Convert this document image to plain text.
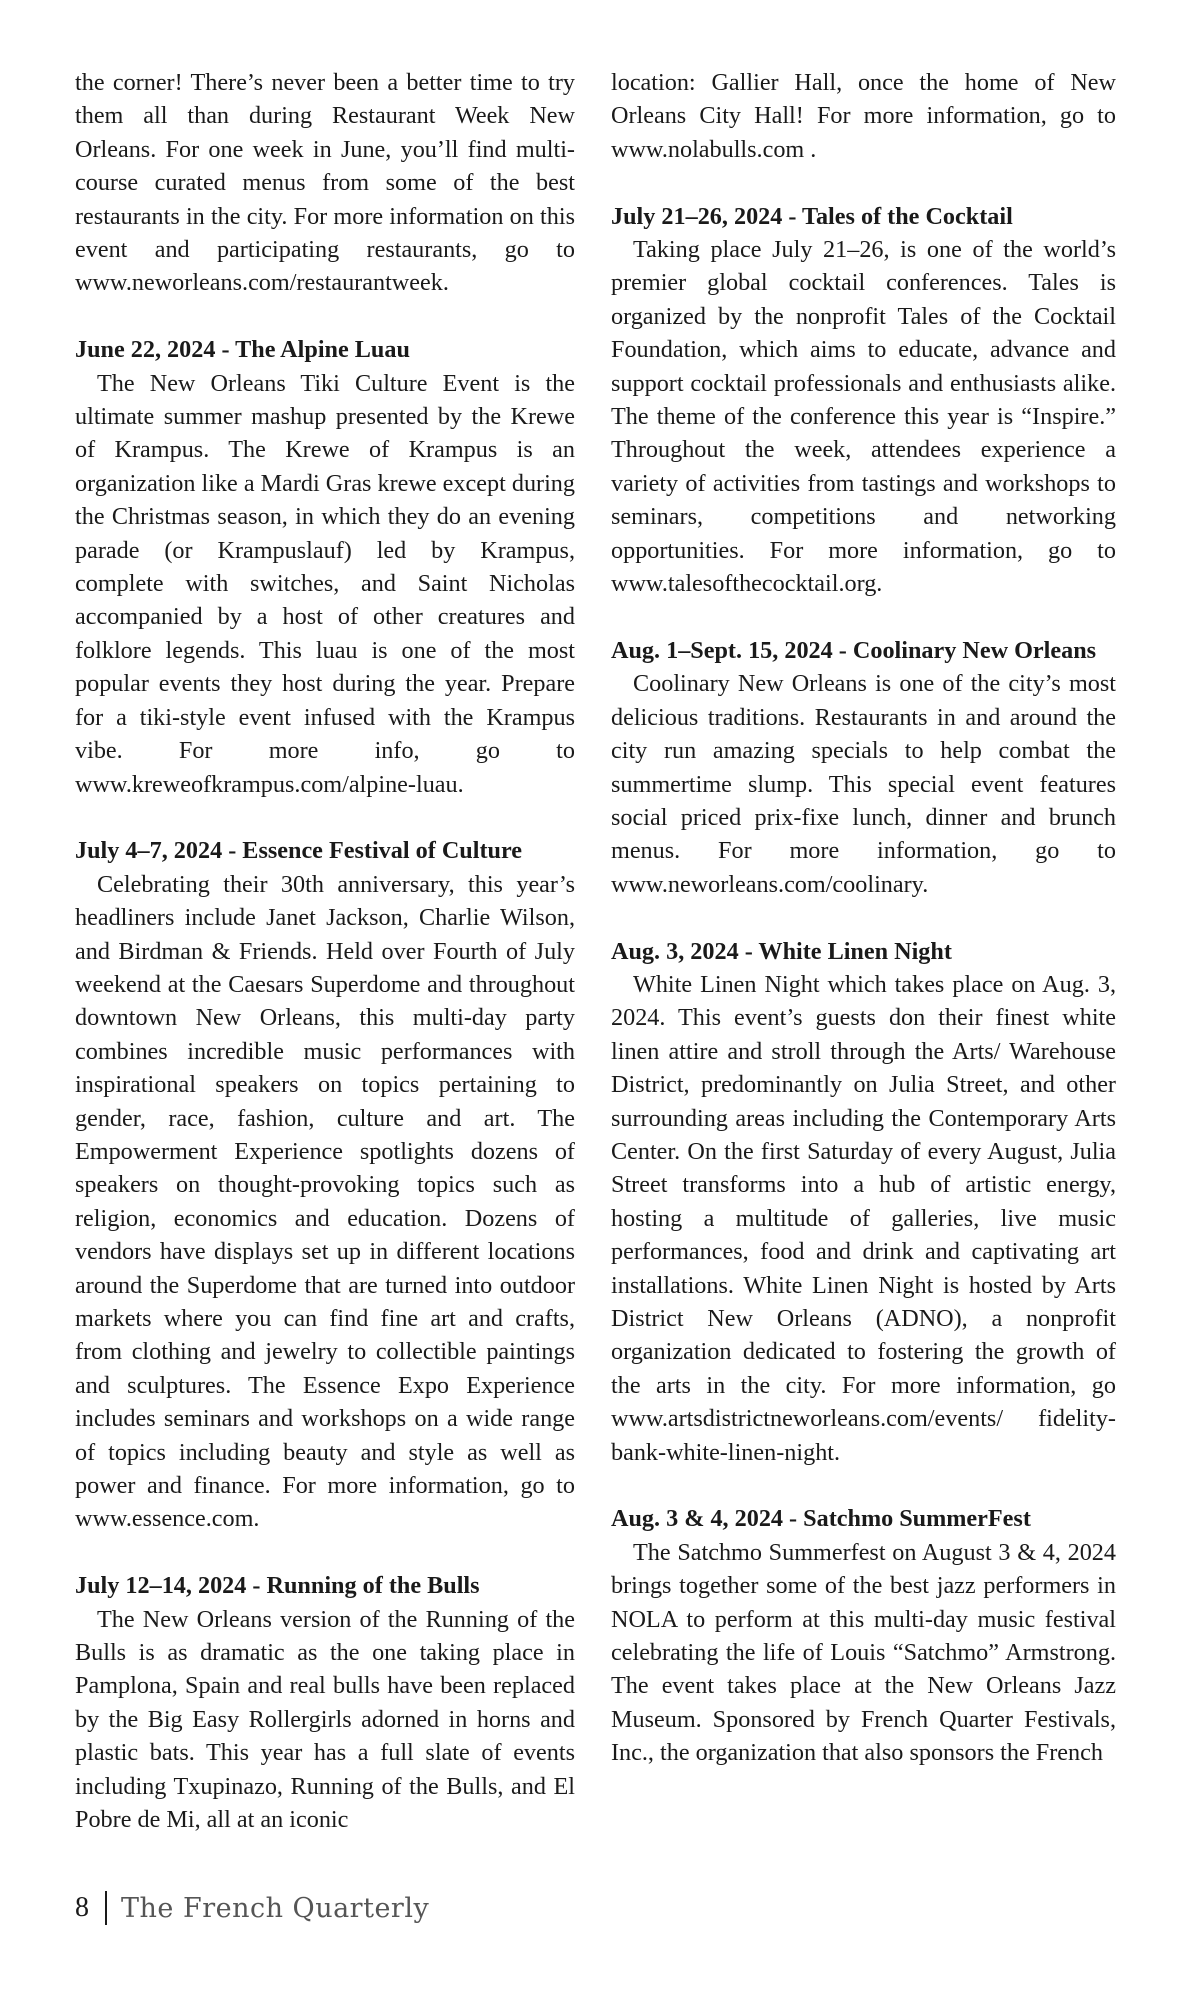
the corner! There’s never been a better time to try them all than during Restaurant Week New Orleans. For one week in June, you’ll find multi-course curated menus from some of the best restaurants in the city. For more information on this event and participating restaurants, go to www.neworleans.com/restaurantweek.

June 22, 2024 - The Alpine Luau

The New Orleans Tiki Culture Event is the ultimate summer mashup presented by the Krewe of Krampus. The Krewe of Krampus is an organization like a Mardi Gras krewe except during the Christmas season, in which they do an evening parade (or Krampuslauf) led by Krampus, complete with switches, and Saint Nicholas accompanied by a host of other creatures and folklore legends. This luau is one of the most popular events they host during the year. Prepare for a tiki-style event infused with the Krampus vibe. For more info, go to www.kreweofkrampus.com/alpine-luau.

July 4–7, 2024 - Essence Festival of Culture

Celebrating their 30th anniversary, this year’s headliners include Janet Jackson, Charlie Wilson, and Birdman & Friends. Held over Fourth of July weekend at the Caesars Superdome and throughout downtown New Orleans, this multi-day party combines incredible music performances with inspirational speakers on topics pertaining to gender, race, fashion, culture and art. The Empowerment Experience spotlights dozens of speakers on thought-provoking topics such as religion, economics and education. Dozens of vendors have displays set up in different locations around the Superdome that are turned into outdoor markets where you can find fine art and crafts, from clothing and jewelry to collectible paintings and sculptures. The Essence Expo Experience includes seminars and workshops on a wide range of topics including beauty and style as well as power and finance. For more information, go to www.essence.com.

July 12–14, 2024 - Running of the Bulls

The New Orleans version of the Running of the Bulls is as dramatic as the one taking place in Pamplona, Spain and real bulls have been replaced by the Big Easy Rollergirls adorned in horns and plastic bats. This year has a full slate of events including Txupinazo, Running of the Bulls, and El Pobre de Mi, all at an iconic

location: Gallier Hall, once the home of New Orleans City Hall! For more information, go to www.nolabulls.com .

July 21–26, 2024 - Tales of the Cocktail

Taking place July 21–26, is one of the world’s premier global cocktail conferences. Tales is organized by the nonprofit Tales of the Cocktail Foundation, which aims to educate, advance and support cocktail professionals and enthusiasts alike. The theme of the conference this year is “Inspire.” Throughout the week, attendees experience a variety of activities from tastings and workshops to seminars, competitions and networking opportunities. For more information, go to www.talesofthecocktail.org.

Aug. 1–Sept. 15, 2024 - Coolinary New Orleans

Coolinary New Orleans is one of the city’s most delicious traditions. Restaurants in and around the city run amazing specials to help combat the summertime slump. This special event features social priced prix-fixe lunch, dinner and brunch menus. For more information, go to www.neworleans.com/coolinary.

Aug. 3, 2024 - White Linen Night

White Linen Night which takes place on Aug. 3, 2024. This event’s guests don their finest white linen attire and stroll through the Arts/ Warehouse District, predominantly on Julia Street, and other surrounding areas including the Contemporary Arts Center. On the first Saturday of every August, Julia Street transforms into a hub of artistic energy, hosting a multitude of galleries, live music performances, food and drink and captivating art installations. White Linen Night is hosted by Arts District New Orleans (ADNO), a nonprofit organization dedicated to fostering the growth of the arts in the city. For more information, go www.artsdistrictneworleans.com/events/ fidelity-bank-white-linen-night.

Aug. 3 & 4, 2024 - Satchmo SummerFest

The Satchmo Summerfest on August 3 & 4, 2024 brings together some of the best jazz performers in NOLA to perform at this multi-day music festival celebrating the life of Louis “Satchmo” Armstrong. The event takes place at the New Orleans Jazz Museum. Sponsored by French Quarter Festivals, Inc., the organization that also sponsors the French

8 The French Quarterly
